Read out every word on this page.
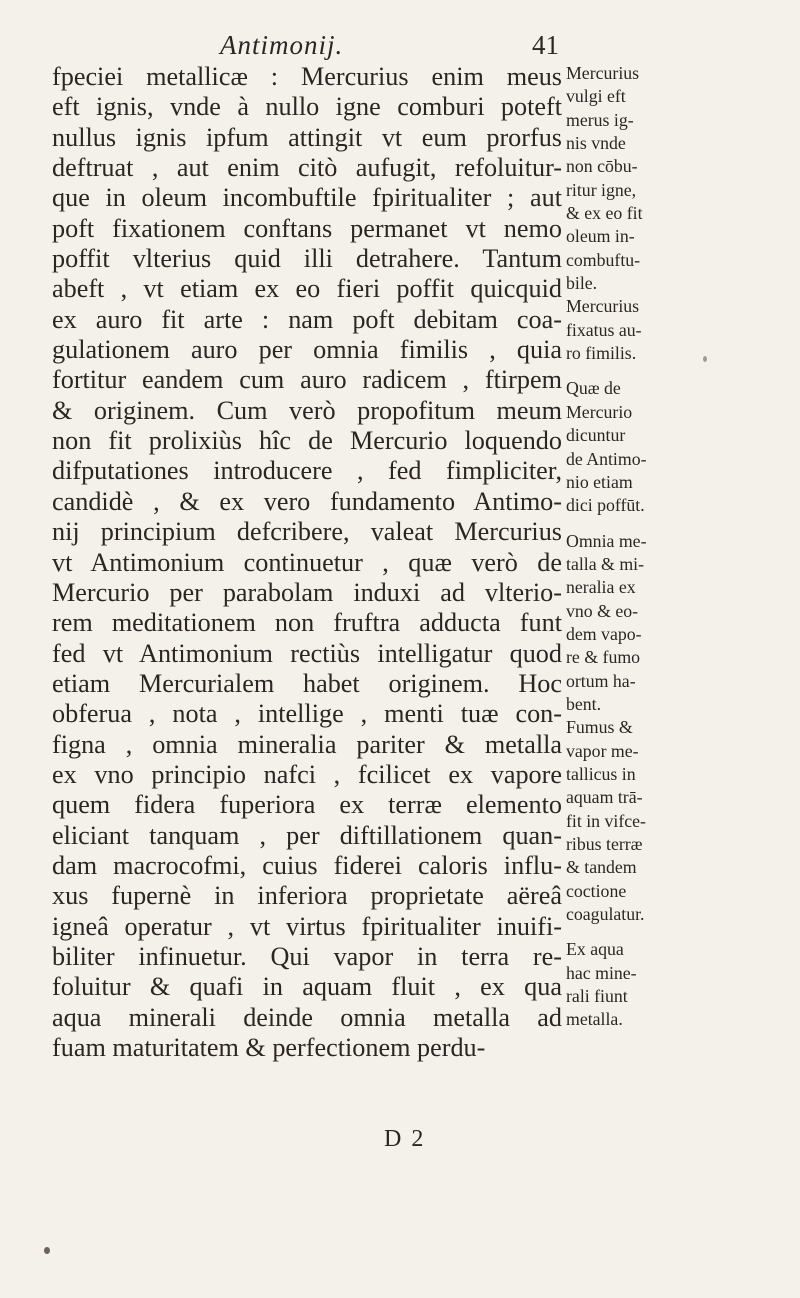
Antimonij.	41
fpeciei metallicæ : Mercurius enim meus
eft ignis, vnde à nullo igne comburi poteft
nullus ignis ipfum attingit vt eum prorfus
deftruat , aut enim citò aufugit, refoluitur-
que in oleum incombuftile fpiritualiter ; aut
poft fixationem conftans permanet vt nemo
poffit vlterius quid illi detrahere. Tantum
abeft , vt etiam ex eo fieri poffit quicquid
ex auro fit arte : nam poft debitam coa-
gulationem auro per omnia fimilis , quia
fortitur eandem cum auro radicem , ftirpem
& originem. Cum verò propofitum meum
non fit prolixiùs hîc de Mercurio loquendo
difputationes introducere , fed fimpliciter,
candidè , & ex vero fundamento Antimo-
nij principium defcribere, valeat Mercurius
vt Antimonium continuetur , quæ verò de
Mercurio per parabolam induxi ad vlterio-
rem meditationem non fruftra adducta funt
fed vt Antimonium rectiùs intelligatur quod
etiam Mercurialem habet originem. Hoc
obferua , nota , intellige , menti tuæ con-
figna , omnia mineralia pariter & metalla
ex vno principio nafci , fcilicet ex vapore
quem fidera fuperiora ex terræ elemento
eliciant tanquam , per diftillationem quan-
dam macrocofmi, cuius fiderei caloris influ-
xus fupernè in inferiora proprietate aëreâ
igneâ operatur , vt virtus fpiritualiter inuifi-
biliter infinuetur. Qui vapor in terra re-
foluitur & quafi in aquam fluit , ex qua
aqua minerali deinde omnia metalla ad
fuam maturitatem & perfectionem perdu-
D 2
Mercurius
vulgi eft
merus ig-
nis vnde
non cōbu-
ritur igne,
& ex eo fit
oleum in-
combuftu-
bile.
Mercurius
fixatus au-
ro fimilis.
Quæ de
Mercurio
dicuntur
de Antimo-
nio etiam
dici poffūt.
Omnia me-
talla & mi-
neralia ex
vno & eo-
dem vapo-
re & fumo
ortum ha-
bent.
Fumus &
vapor me-
tallicus in
aquam trā-
fit in vifce-
ribus terræ
& tandem
coctione
coagulatur.
Ex aqua
hac mine-
rali fiunt
metalla.
